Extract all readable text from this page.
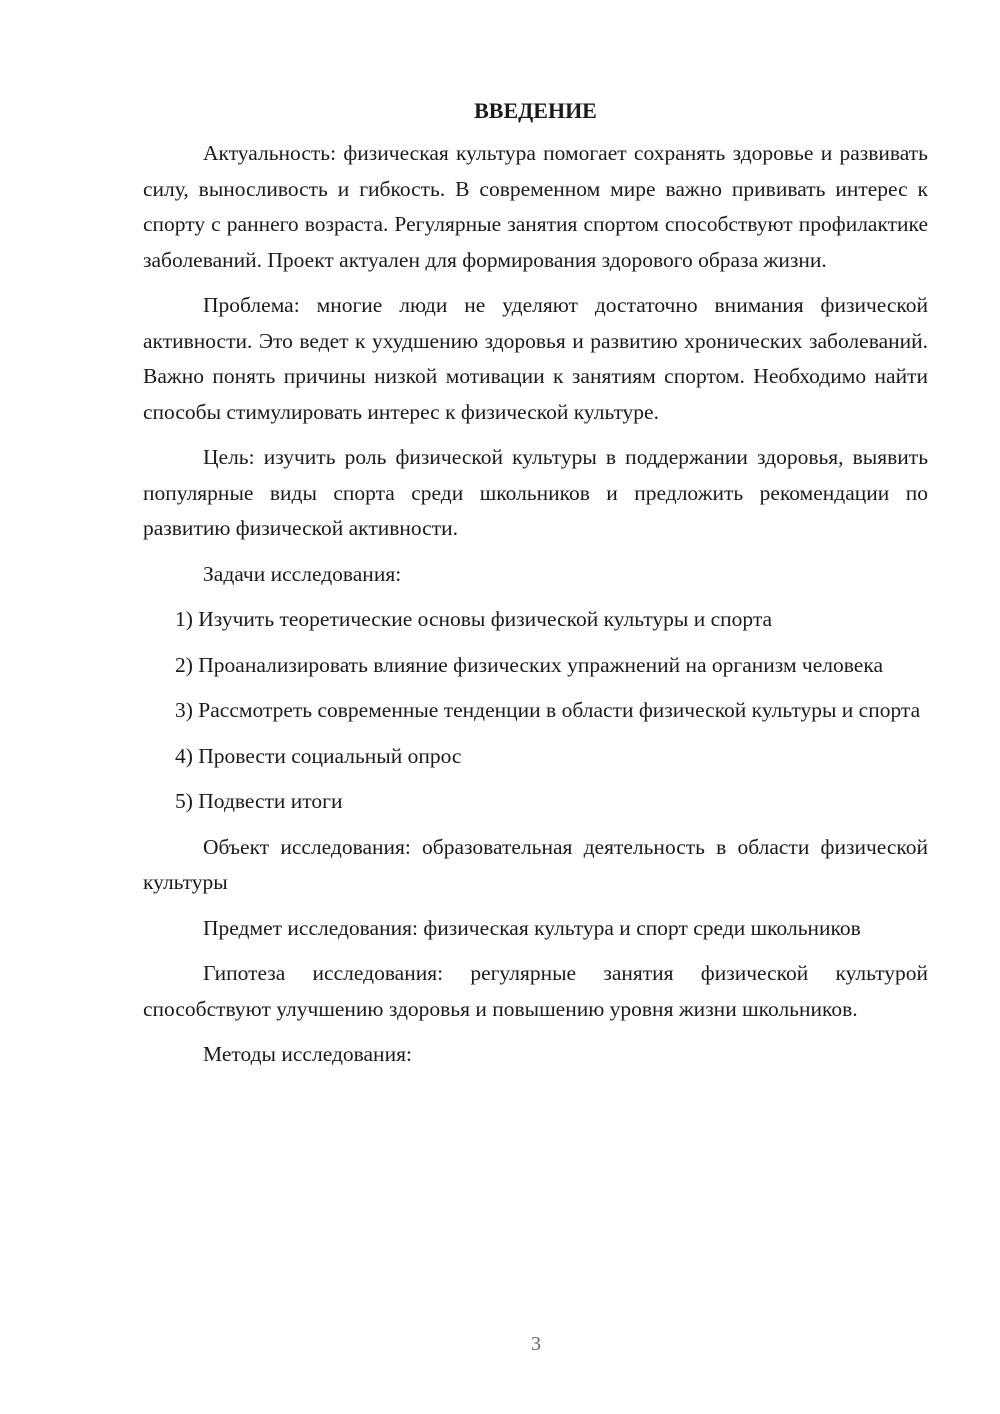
ВВЕДЕНИЕ

Актуальность: физическая культура помогает сохранять здоровье и развивать силу, выносливость и гибкость. В современном мире важно прививать интерес к спорту с раннего возраста. Регулярные занятия спортом способствуют профилактике заболеваний. Проект актуален для формирования здорового образа жизни.

Проблема: многие люди не уделяют достаточно внимания физической активности. Это ведет к ухудшению здоровья и развитию хронических заболеваний. Важно понять причины низкой мотивации к занятиям спортом. Необходимо найти способы стимулировать интерес к физической культуре.

Цель: изучить роль физической культуры в поддержании здоровья, выявить популярные виды спорта среди школьников и предложить рекомендации по развитию физической активности.

Задачи исследования:

1) Изучить теоретические основы физической культуры и спорта

2) Проанализировать влияние физических упражнений на организм человека

3) Рассмотреть современные тенденции в области физической культуры и спорта

4) Провести социальный опрос

5) Подвести итоги

Объект исследования: образовательная деятельность в области физической культуры

Предмет исследования: физическая культура и спорт среди школьников

Гипотеза исследования: регулярные занятия физической культурой способствуют улучшению здоровья и повышению уровня жизни школьников.

Методы исследования:

3
